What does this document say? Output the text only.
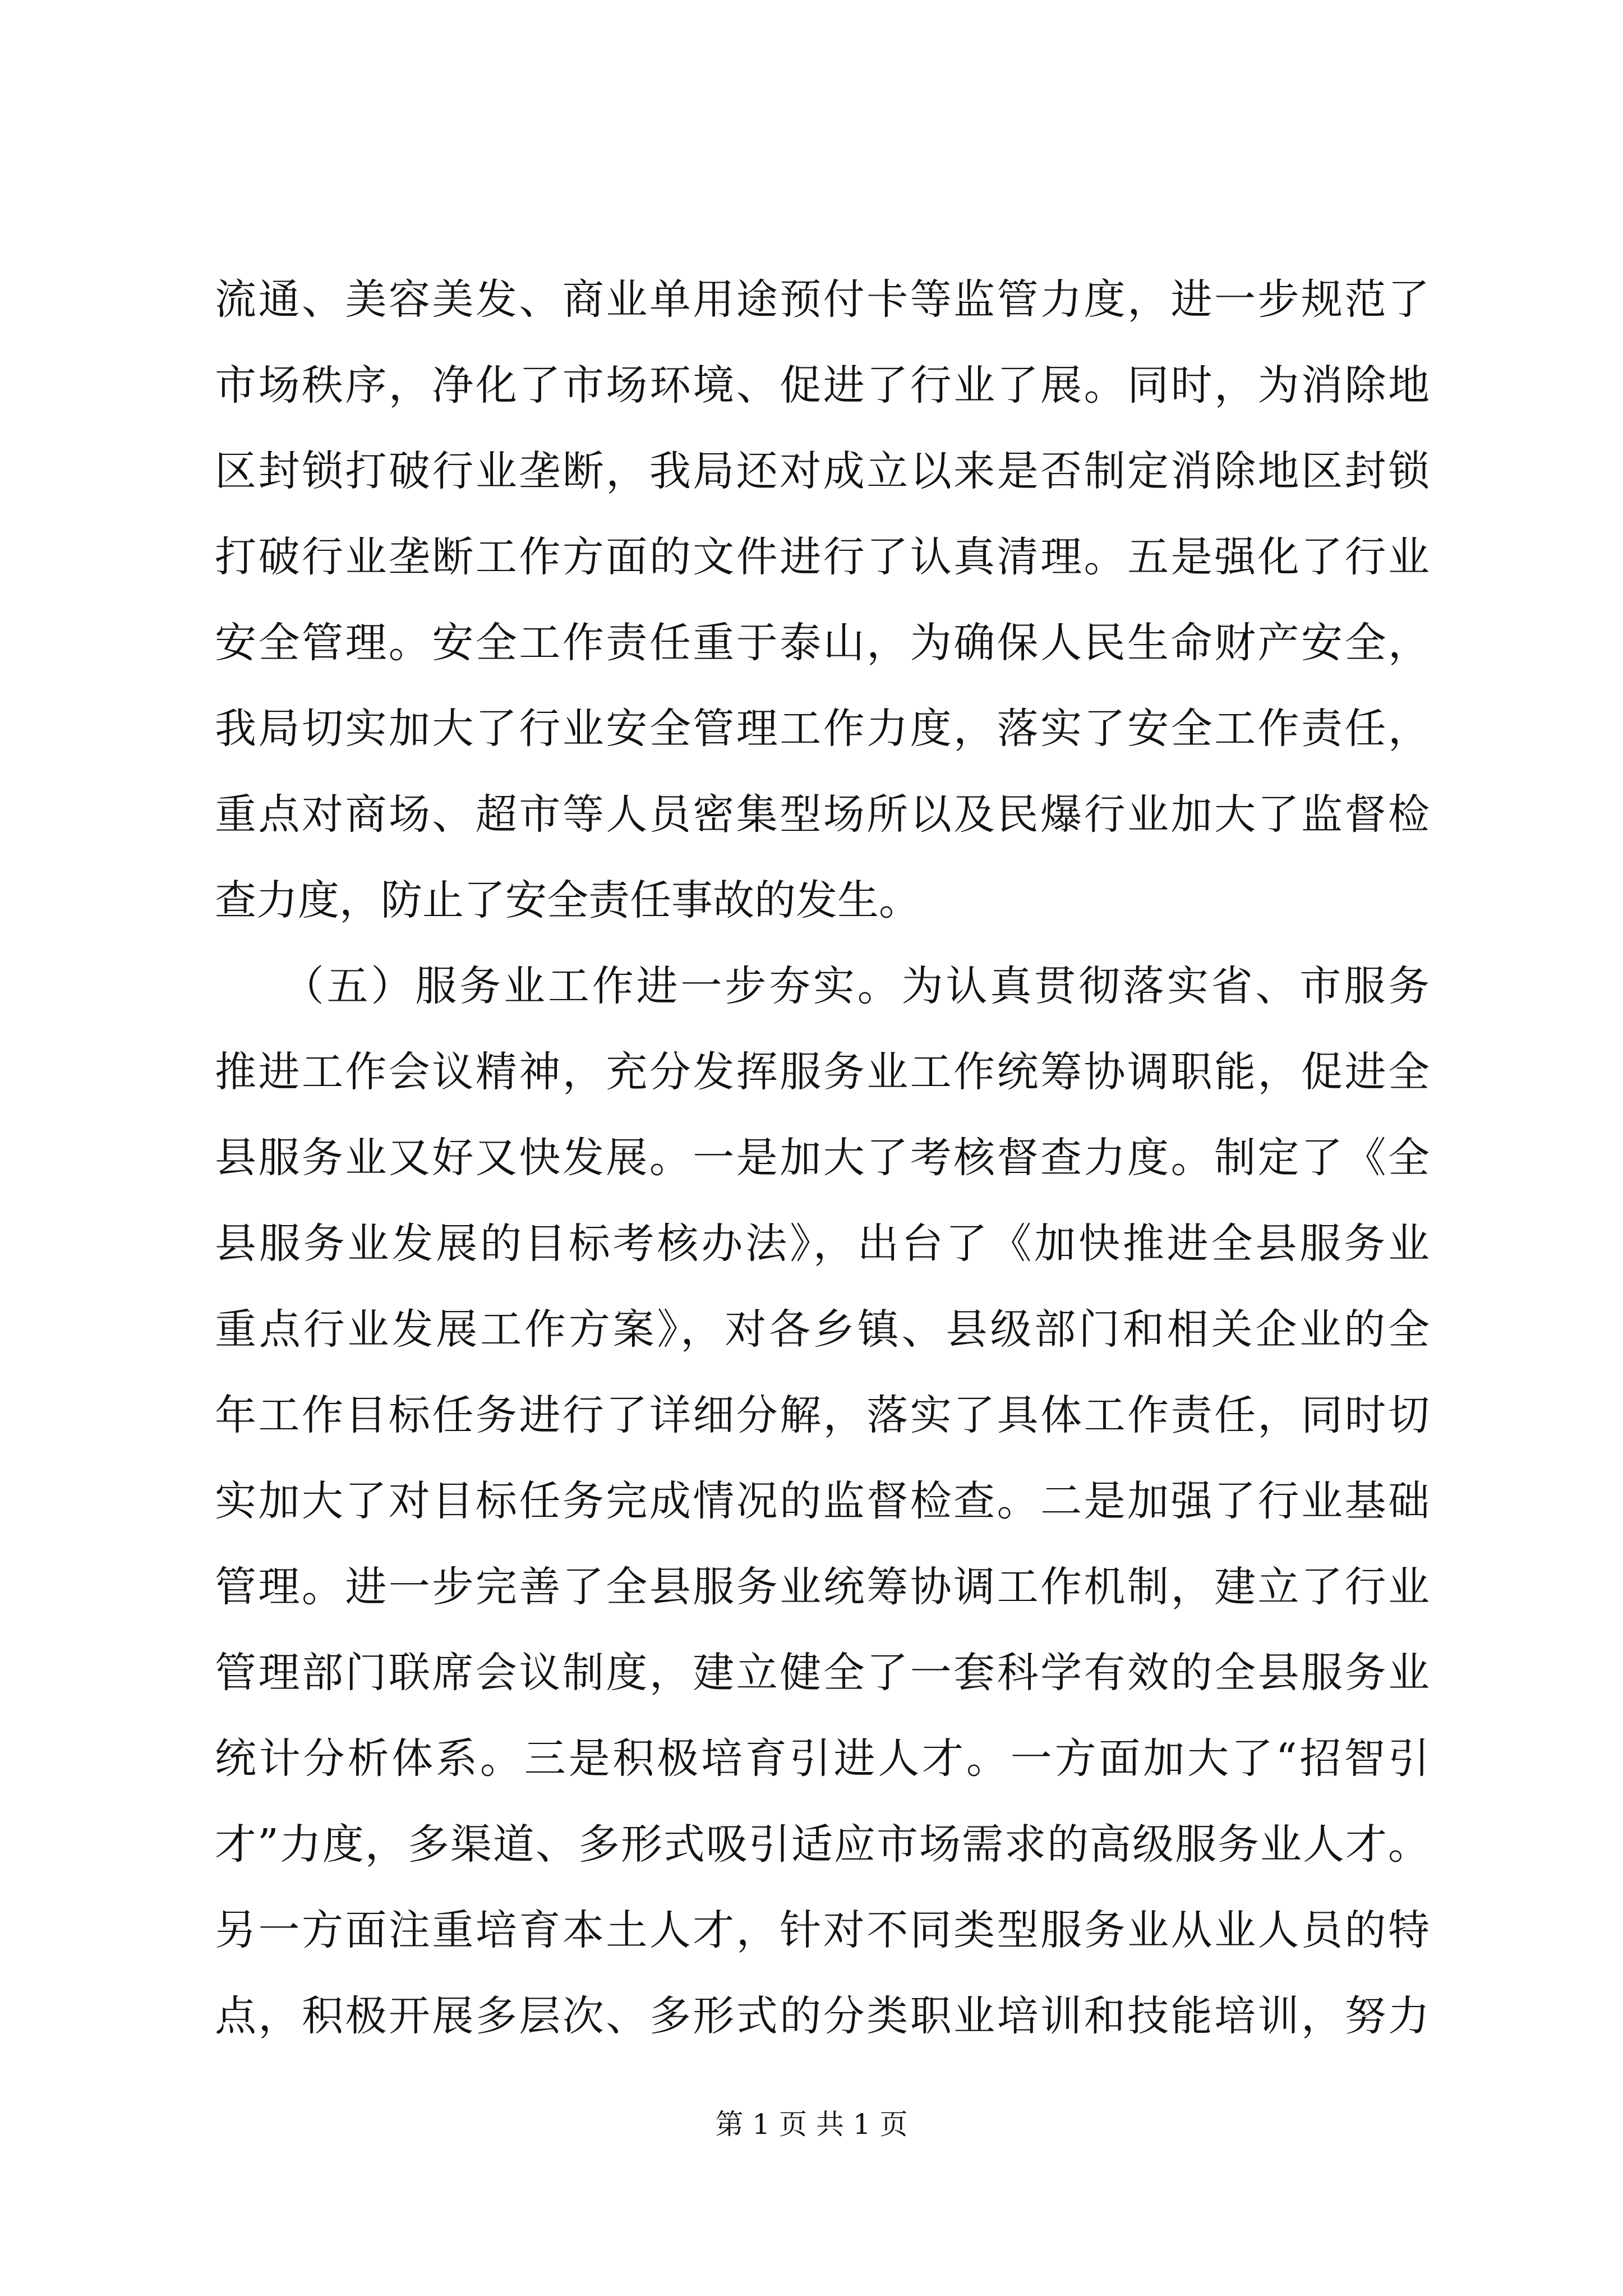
流通、美容美发、商业单用途预付卡等监管力度，进一步规范了
市场秩序，净化了市场环境、促进了行业了展。同时，为消除地
区封锁打破行业垄断，我局还对成立以来是否制定消除地区封锁
打破行业垄断工作方面的文件进行了认真清理。五是强化了行业
安全管理。安全工作责任重于泰山，为确保人民生命财产安全，
我局切实加大了行业安全管理工作力度，落实了安全工作责任，
重点对商场、超市等人员密集型场所以及民爆行业加大了监督检
查力度，防止了安全责任事故的发生。
　　（五）服务业工作进一步夯实。为认真贯彻落实省、市服务
推进工作会议精神，充分发挥服务业工作统筹协调职能，促进全
县服务业又好又快发展。一是加大了考核督查力度。制定了《全
县服务业发展的目标考核办法》，出台了《加快推进全县服务业
重点行业发展工作方案》，对各乡镇、县级部门和相关企业的全
年工作目标任务进行了详细分解，落实了具体工作责任，同时切
实加大了对目标任务完成情况的监督检查。二是加强了行业基础
管理。进一步完善了全县服务业统筹协调工作机制，建立了行业
管理部门联席会议制度，建立健全了一套科学有效的全县服务业
统计分析体系。三是积极培育引进人才。一方面加大了“招智引
才”力度，多渠道、多形式吸引适应市场需求的高级服务业人才。
另一方面注重培育本土人才，针对不同类型服务业从业人员的特
点，积极开展多层次、多形式的分类职业培训和技能培训，努力
第 1 页 共 1 页
